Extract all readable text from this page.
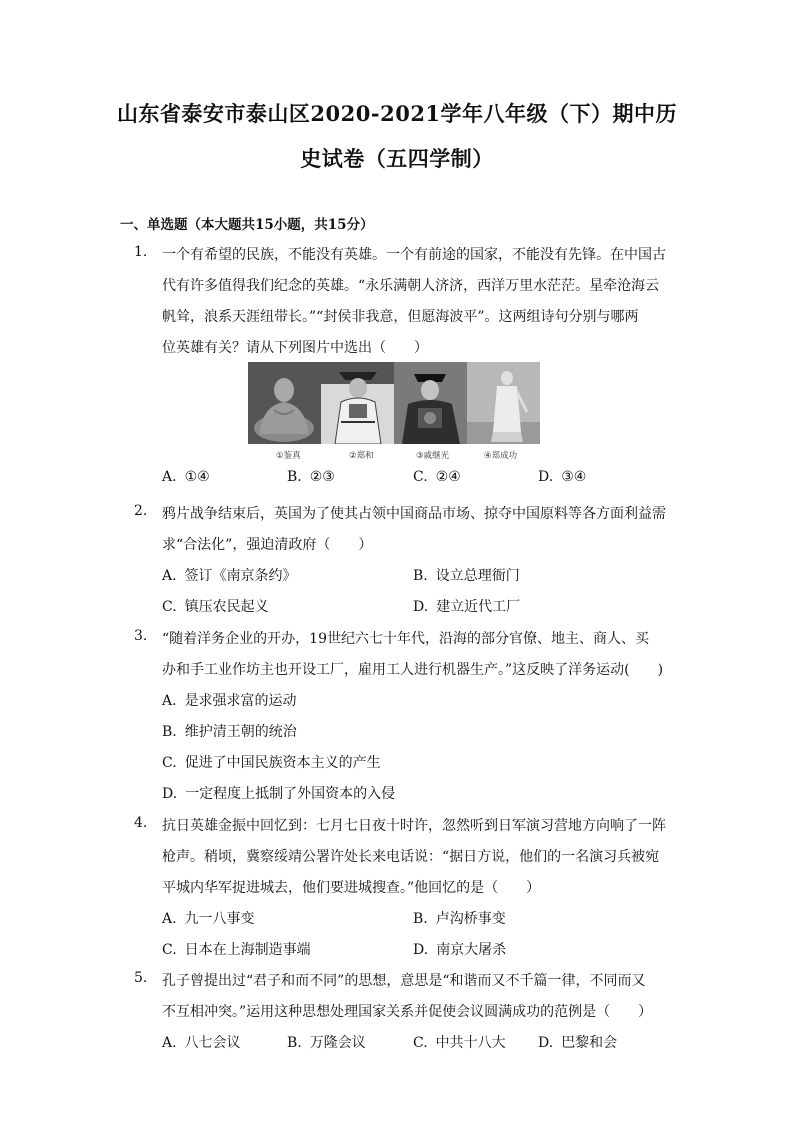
山东省泰安市泰山区2020-2021学年八年级（下）期中历
史试卷（五四学制）
一、单选题（本大题共15小题，共15分）
1. 一个有希望的民族，不能没有英雄。一个有前途的国家，不能没有先锋。在中国古
代有许多值得我们纪念的英雄。“永乐满朝人济济，西洋万里水茫茫。星牵沧海云
帆耸，浪系天涯纽带长。”“封侯非我意，但愿海波平”。这两组诗句分别与哪两
位英雄有关？请从下列图片中选出（　　）
①鉴真	②郑和	③戚继光	④郑成功
A. ①④	B. ②③	C. ②④	D. ③④
2. 鸦片战争结束后，英国为了使其占领中国商品市场、掠夺中国原料等各方面利益需
求“合法化”，强迫清政府（　　）
A. 签订《南京条约》	B. 设立总理衙门
C. 镇压农民起义	D. 建立近代工厂
3. “随着洋务企业的开办，19世纪六七十年代，沿海的部分官僚、地主、商人、买
办和手工业作坊主也开设工厂，雇用工人进行机器生产。”这反映了洋务运动(　　)
A. 是求强求富的运动
B. 维护清王朝的统治
C. 促进了中国民族资本主义的产生
D. 一定程度上抵制了外国资本的入侵
4. 抗日英雄金振中回忆到：七月七日夜十时许，忽然听到日军演习营地方向响了一阵
枪声。稍顷，冀察绥靖公署许处长来电话说：“据日方说，他们的一名演习兵被宛
平城内华军捉进城去，他们要进城搜查。”他回忆的是（　　）
A. 九一八事变	B. 卢沟桥事变
C. 日本在上海制造事端	D. 南京大屠杀
5. 孔子曾提出过“君子和而不同”的思想，意思是“和谐而又不千篇一律，不同而又
不互相冲突。”运用这种思想处理国家关系并促使会议圆满成功的范例是（　　）
A. 八七会议	B. 万隆会议	C. 中共十八大 D. 巴黎和会
